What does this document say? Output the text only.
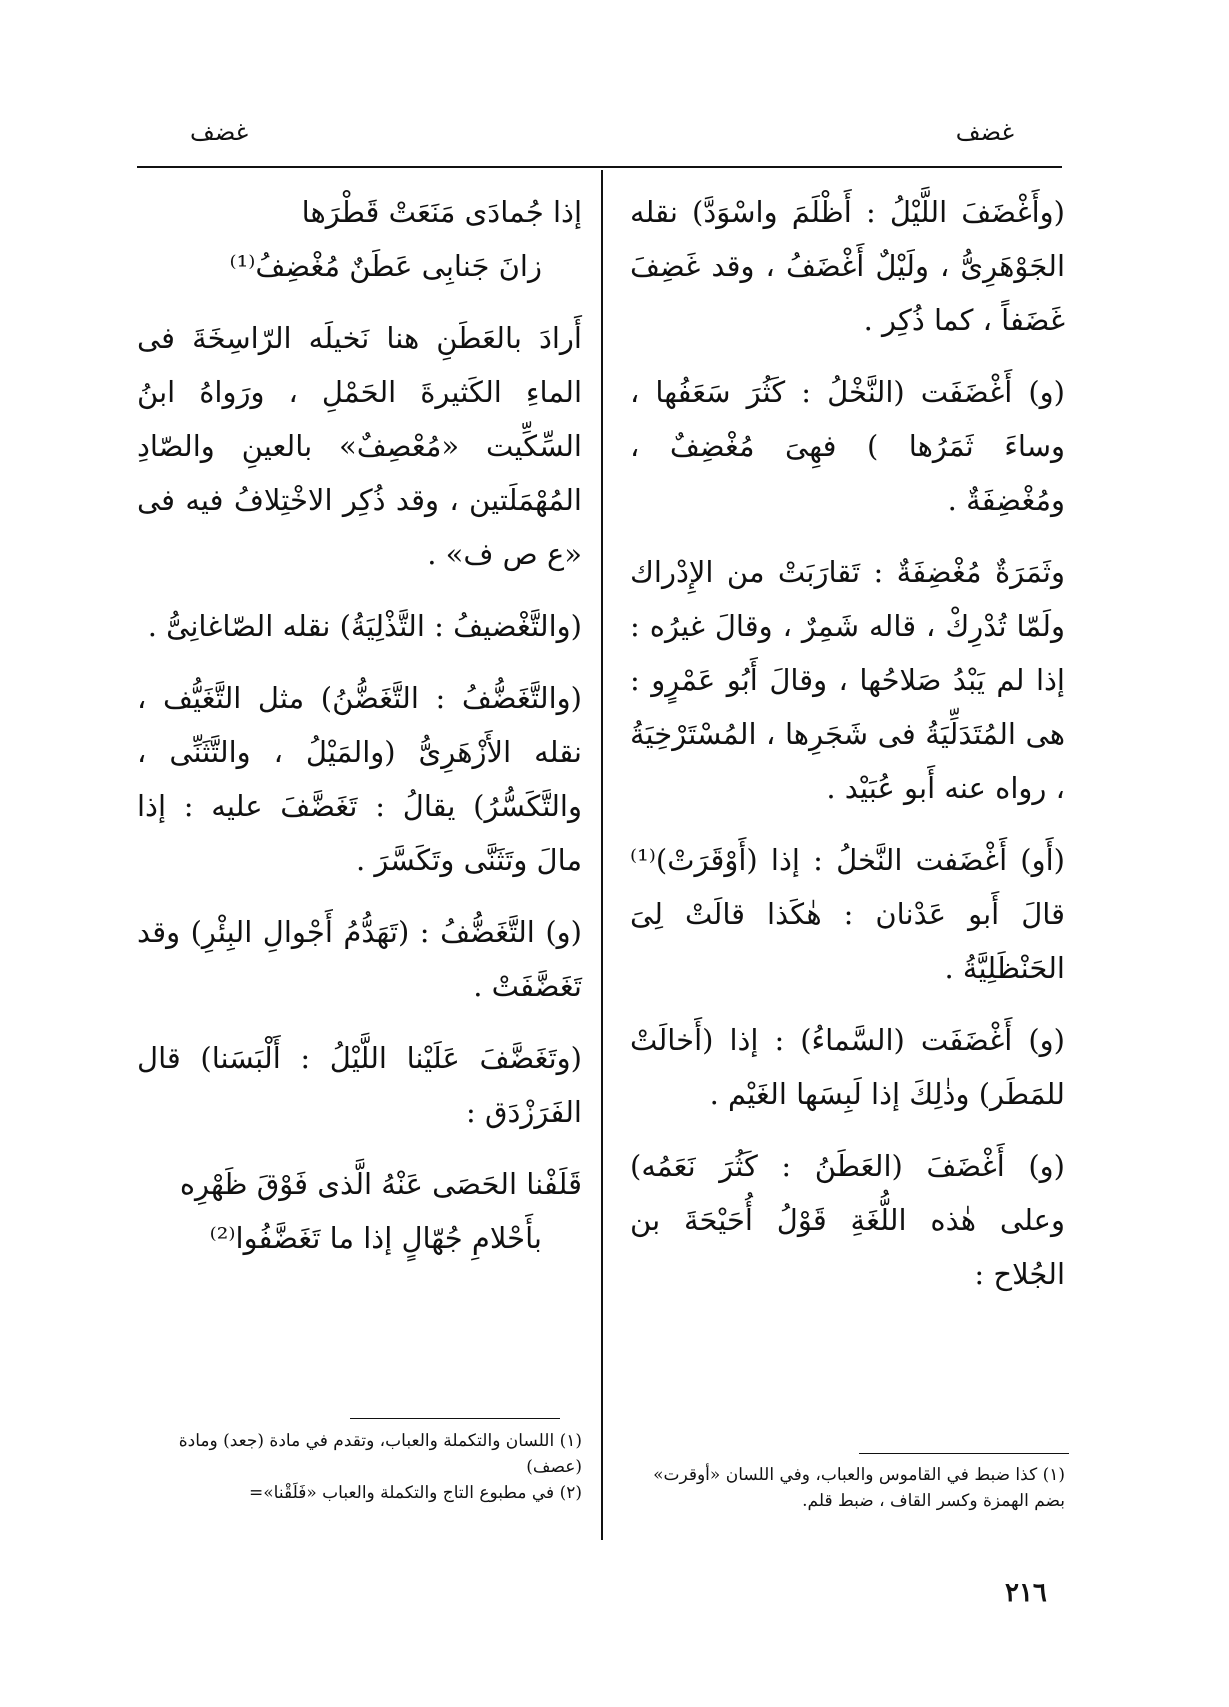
غضف
غضف

(وأَغْضَفَ اللَّيْلُ : أَظْلَمَ واسْوَدَّ) نقله الجَوْهَرِىُّ ، ولَيْلٌ أَغْضَفُ ، وقد غَضِفَ غَضَفاً ، كما ذُكِر .

(و) أَغْضَفَت (النَّخْلُ : كَثُرَ سَعَفُها ، وساءَ ثَمَرُها ) فهِىَ مُغْضِفٌ ، ومُغْضِفَةٌ .

وثَمَرَةٌ مُغْضِفَةٌ : تَقارَبَتْ من الإِدْراك ولَمّا تُدْرِكْ ، قاله شَمِرٌ ، وقالَ غيرُه : إذا لم يَبْدُ صَلاحُها ، وقالَ أَبُو عَمْرٍو : هى المُتَدَلِّيَةُ فى شَجَرِها ، المُسْتَرْخِيَةُ ، رواه عنه أَبو عُبَيْد .

(أَو) أَغْضَفت النَّخلُ : إذا (أَوْقَرَتْ)⁽¹⁾ قالَ أَبو عَدْنان : هٰكَذا قالَتْ لِىَ الحَنْظَلِيَّةُ .

(و) أَغْضَفَت (السَّماءُ) : إذا (أَخالَتْ للمَطَر) وذٰلِكَ إذا لَبِسَها الغَيْم .

(و) أَغْضَفَ (العَطَنُ : كَثُرَ نَعَمُه) وعلى هٰذه اللُّغَةِ قَوْلُ أُحَيْحَةَ بن الجُلاح :

إذا جُمادَى مَنَعَتْ قَطْرَها
زانَ جَنابِى عَطَنٌ مُغْضِفُ⁽¹⁾

أَرادَ بالعَطَنِ هنا نَخيلَه الرّاسِخَةَ فى الماءِ الكَثيرةَ الحَمْلِ ، ورَواهُ ابنُ السِّكِّيت «مُعْصِفٌ» بالعينِ والصّادِ المُهْمَلَتين ، وقد ذُكِر الاخْتِلافُ فيه فى «ع ص ف» .

(والتَّغْضيفُ : التَّذْلِيَةُ) نقله الصّاغانِىُّ .

(والتَّغَضُّفُ : التَّغَضُّنُ) مثل التَّغَيُّف ، نقله الأَزْهَرِىُّ (والمَيْلُ ، والتَّثَنِّى ، والتَّكَسُّرُ) يقالُ : تَغَضَّفَ عليه : إذا مالَ وتَثَنَّى وتَكَسَّرَ .

(و) التَّغَضُّفُ : (تَهَدُّمُ أَجْوالِ البِئْرِ) وقد تَغَضَّفَتْ .

(وتَغَضَّفَ عَلَيْنا اللَّيْلُ : أَلْبَسَنا) قال الفَرَزْدَق :

قَلَفْنا الحَصَى عَنْهُ الَّذى فَوْقَ ظَهْرِه
بأَحْلامِ جُهّالٍ إذا ما تَغَضَّفُوا⁽²⁾

(١) كذا ضبط في القاموس والعباب، وفي اللسان «أوقرت» بضم الهمزة وكسر القاف ، ضبط قلم.

(١) اللسان والتكملة والعباب، وتقدم في مادة (جعد) ومادة (عصف)

(٢) في مطبوع التاج والتكملة والعباب «فَلَقْنا»=

٢١٦
